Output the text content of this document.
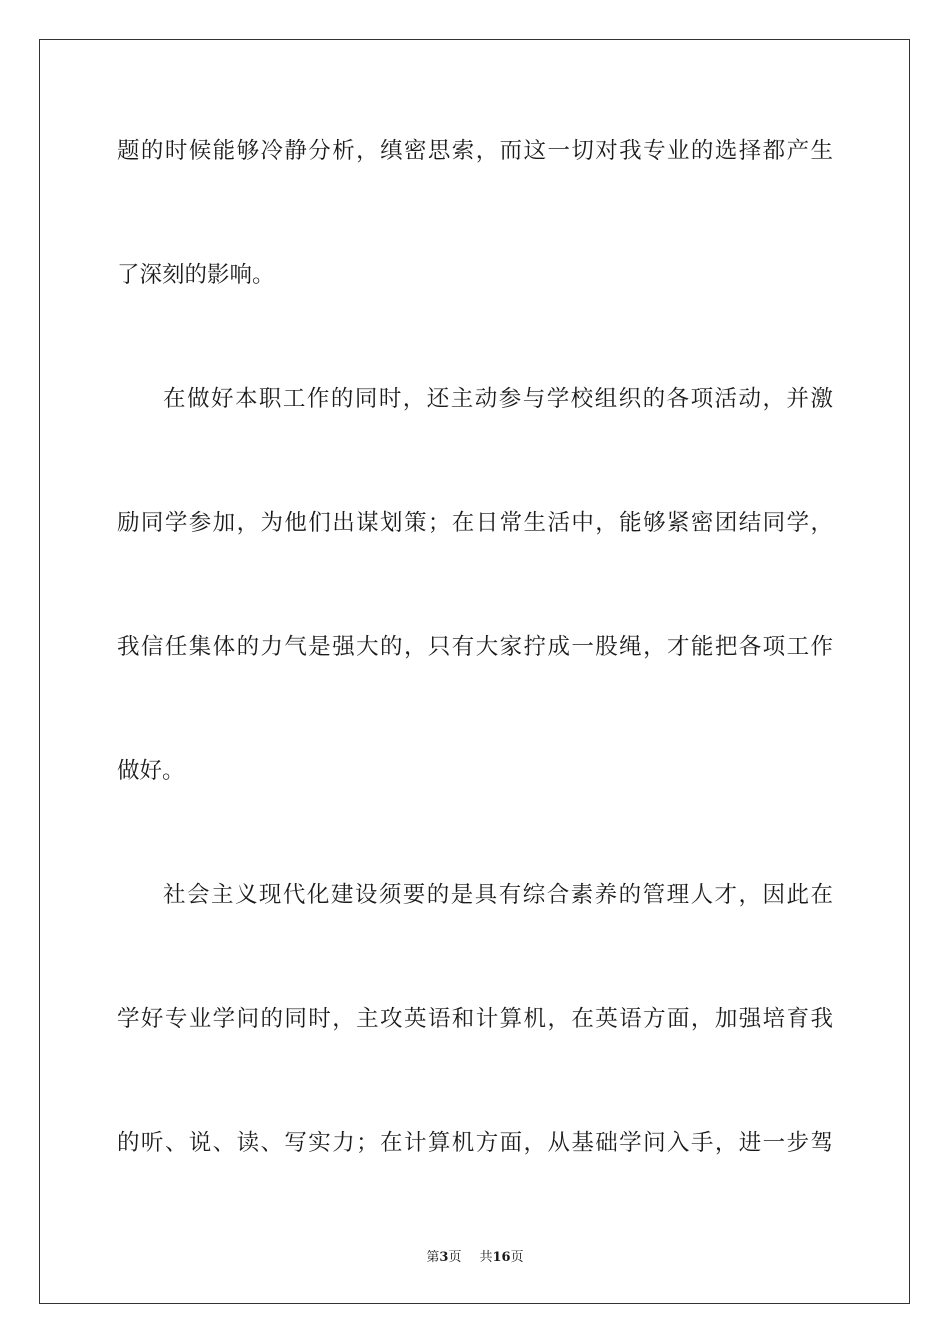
题的时候能够冷静分析，缜密思索，而这一切对我专业的选择都产生
了深刻的影响。
在做好本职工作的同时，还主动参与学校组织的各项活动，并激
励同学参加，为他们出谋划策；在日常生活中，能够紧密团结同学，
我信任集体的力气是强大的，只有大家拧成一股绳，才能把各项工作
做好。
社会主义现代化建设须要的是具有综合素养的管理人才，因此在
学好专业学问的同时，主攻英语和计算机，在英语方面，加强培育我
的听、说、读、写实力；在计算机方面，从基础学问入手，进一步驾
第3页 共16页
